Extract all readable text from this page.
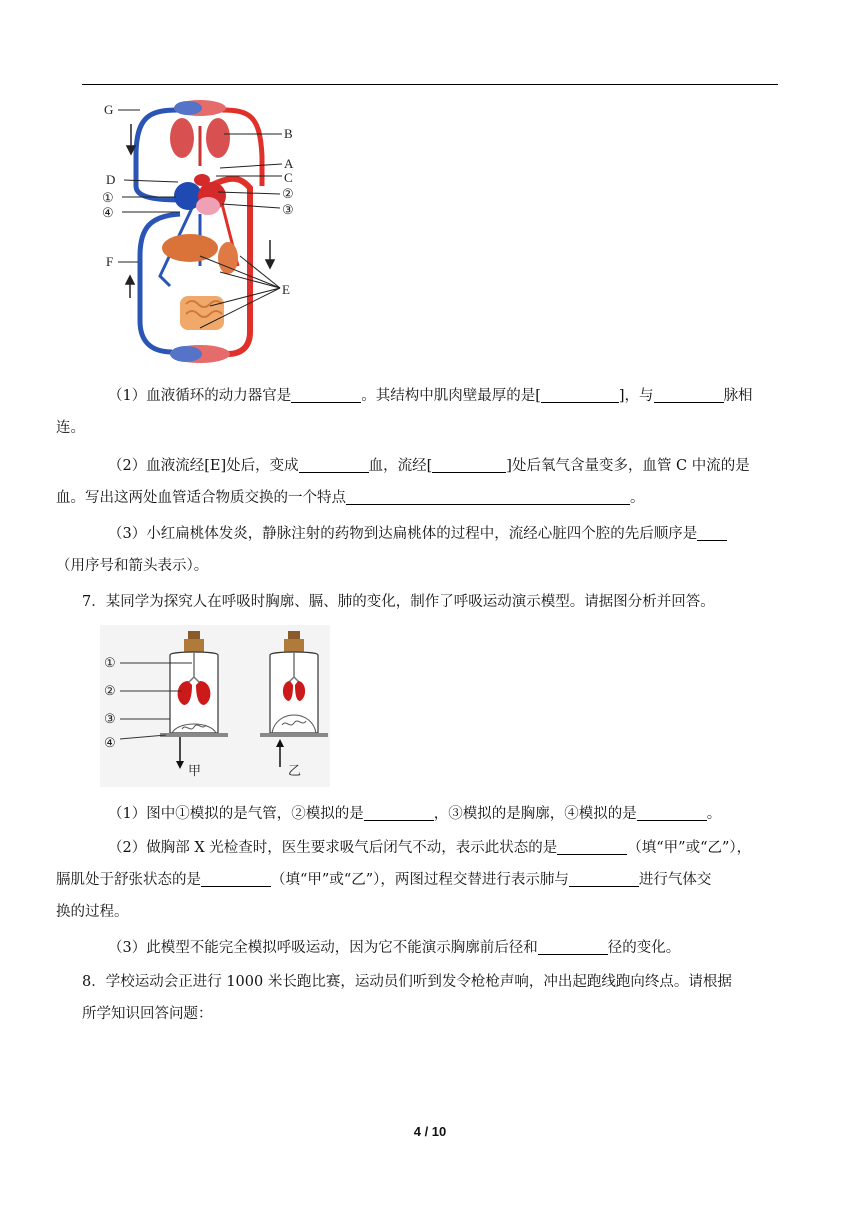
G
B
A
C
D
②
①
③
④
F
E
（1）血液循环的动力器官是	。其结构中肌肉壁最厚的是[	]，与	脉相
连。
（2）血液流经[E]处后，变成	血，流经[	]处后氧气含量变多，血管 C 中流的是
血。写出这两处血管适合物质交换的一个特点	。
（3）小红扁桃体发炎，静脉注射的药物到达扁桃体的过程中，流经心脏四个腔的先后顺序是
（用序号和箭头表示）。
7．某同学为探究人在呼吸时胸廓、膈、肺的变化，制作了呼吸运动演示模型。请据图分析并回答。
①
②
③
④
甲	乙
（1）图中①模拟的是气管，②模拟的是	，③模拟的是胸廓，④模拟的是	。
（2）做胸部 X 光检查时，医生要求吸气后闭气不动，表示此状态的是	（填“甲”或“乙”），
膈肌处于舒张状态的是	（填“甲”或“乙”），两图过程交替进行表示肺与	进行气体交
换的过程。
（3）此模型不能完全模拟呼吸运动，因为它不能演示胸廓前后径和	径的变化。
8．学校运动会正进行 1000 米长跑比赛，运动员们听到发令枪枪声响，冲出起跑线跑向终点。请根据
所学知识回答问题：
4 / 10
